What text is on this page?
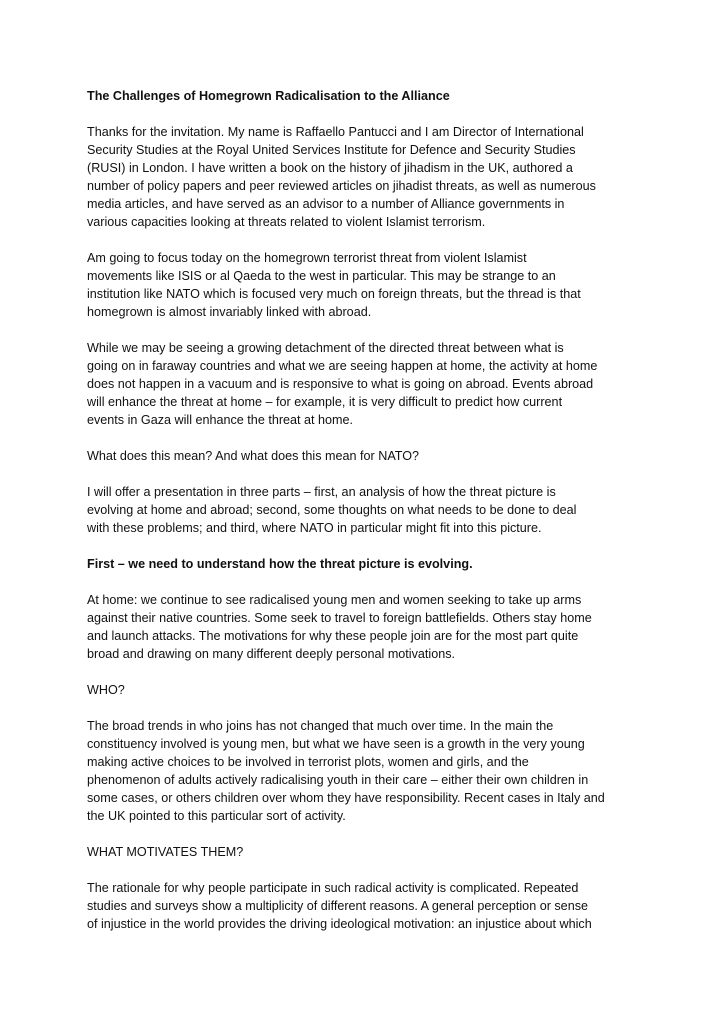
The Challenges of Homegrown Radicalisation to the Alliance
Thanks for the invitation. My name is Raffaello Pantucci and I am Director of International
Security Studies at the Royal United Services Institute for Defence and Security Studies
(RUSI) in London. I have written a book on the history of jihadism in the UK, authored a
number of policy papers and peer reviewed articles on jihadist threats, as well as numerous
media articles, and have served as an advisor to a number of Alliance governments in
various capacities looking at threats related to violent Islamist terrorism.
Am going to focus today on the homegrown terrorist threat from violent Islamist
movements like ISIS or al Qaeda to the west in particular. This may be strange to an
institution like NATO which is focused very much on foreign threats, but the thread is that
homegrown is almost invariably linked with abroad.
While we may be seeing a growing detachment of the directed threat between what is
going on in faraway countries and what we are seeing happen at home, the activity at home
does not happen in a vacuum and is responsive to what is going on abroad. Events abroad
will enhance the threat at home – for example, it is very difficult to predict how current
events in Gaza will enhance the threat at home.
What does this mean? And what does this mean for NATO?
I will offer a presentation in three parts – first, an analysis of how the threat picture is
evolving at home and abroad; second, some thoughts on what needs to be done to deal
with these problems; and third, where NATO in particular might fit into this picture.
First – we need to understand how the threat picture is evolving.
At home: we continue to see radicalised young men and women seeking to take up arms
against their native countries. Some seek to travel to foreign battlefields. Others stay home
and launch attacks. The motivations for why these people join are for the most part quite
broad and drawing on many different deeply personal motivations.
WHO?
The broad trends in who joins has not changed that much over time. In the main the
constituency involved is young men, but what we have seen is a growth in the very young
making active choices to be involved in terrorist plots, women and girls, and the
phenomenon of adults actively radicalising youth in their care – either their own children in
some cases, or others children over whom they have responsibility. Recent cases in Italy and
the UK pointed to this particular sort of activity.
WHAT MOTIVATES THEM?
The rationale for why people participate in such radical activity is complicated. Repeated
studies and surveys show a multiplicity of different reasons. A general perception or sense
of injustice in the world provides the driving ideological motivation: an injustice about which
